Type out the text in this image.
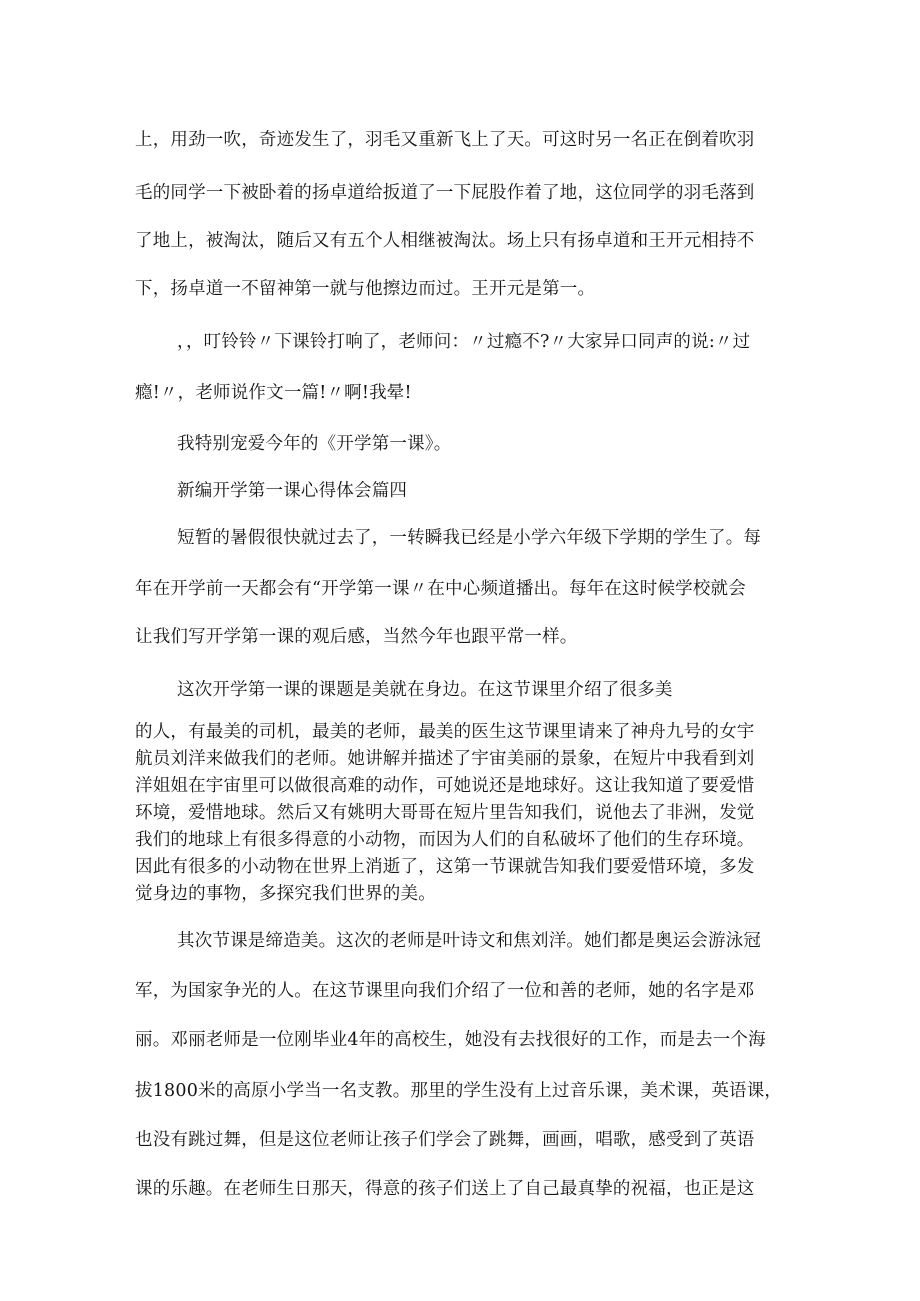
上，用劲一吹，奇迹发生了，羽毛又重新飞上了天。可这时另一名正在倒着吹羽
毛的同学一下被卧着的扬卓道给扳道了一下屁股作着了地，这位同学的羽毛落到
了地上，被淘汰，随后又有五个人相继被淘汰。场上只有扬卓道和王开元相持不
下，扬卓道一不留神第一就与他擦边而过。王开元是第一。
，，叮铃铃〃下课铃打响了，老师问：〃过瘾不?〃大家异口同声的说:〃过
瘾!〃，老师说作文一篇!〃啊!我晕!
我特别宠爱今年的《开学第一课》。
新编开学第一课心得体会篇四
短暂的暑假很快就过去了，一转瞬我已经是小学六年级下学期的学生了。每
年在开学前一天都会有“开学第一课〃在中心频道播出。每年在这时候学校就会
让我们写开学第一课的观后感，当然今年也跟平常一样。
这次开学第一课的课题是美就在身边。在这节课里介绍了很多美
的人，有最美的司机，最美的老师，最美的医生这节课里请来了神舟九号的女宇
航员刘洋来做我们的老师。她讲解并描述了宇宙美丽的景象，在短片中我看到刘
洋姐姐在宇宙里可以做很高难的动作，可她说还是地球好。这让我知道了要爱惜
环境，爱惜地球。然后又有姚明大哥哥在短片里告知我们，说他去了非洲，发觉
我们的地球上有很多得意的小动物，而因为人们的自私破坏了他们的生存环境。
因此有很多的小动物在世界上消逝了，这第一节课就告知我们要爱惜环境，多发
觉身边的事物，多探究我们世界的美。
其次节课是缔造美。这次的老师是叶诗文和焦刘洋。她们都是奥运会游泳冠
军，为国家争光的人。在这节课里向我们介绍了一位和善的老师，她的名字是邓
丽。邓丽老师是一位刚毕业4年的高校生，她没有去找很好的工作，而是去一个海
拔1800米的高原小学当一名支教。那里的学生没有上过音乐课，美术课，英语课，
也没有跳过舞，但是这位老师让孩子们学会了跳舞，画画，唱歌，感受到了英语
课的乐趣。在老师生日那天，得意的孩子们送上了自己最真挚的祝福，也正是这
